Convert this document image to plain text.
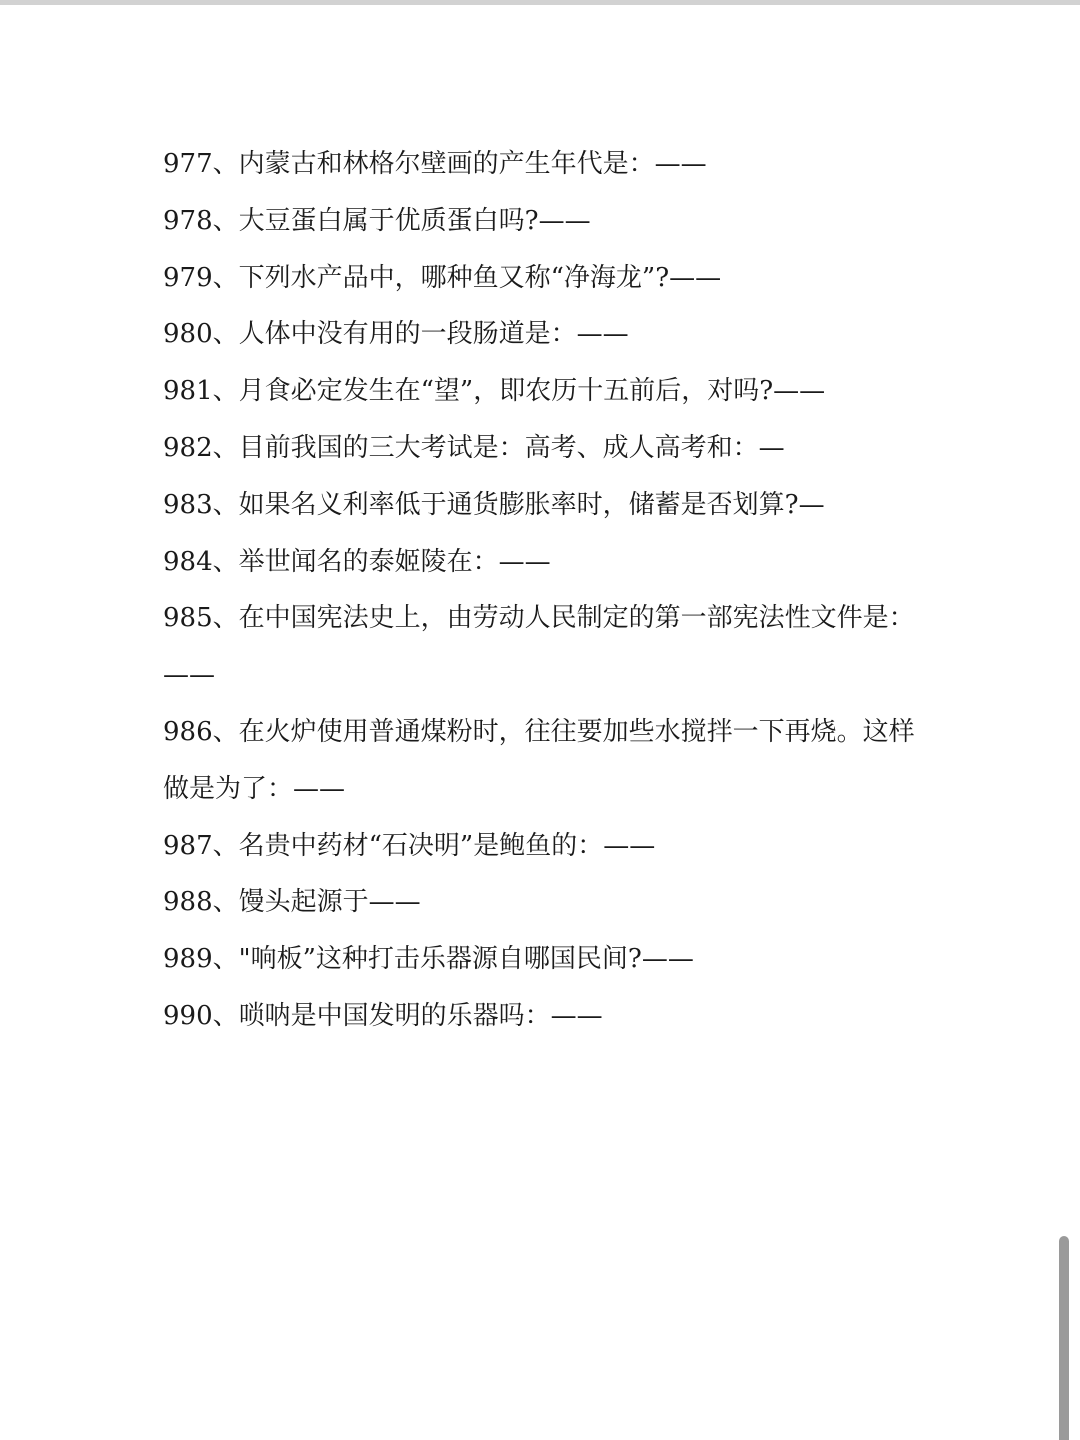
977、内蒙古和林格尔壁画的产生年代是：——

978、大豆蛋白属于优质蛋白吗?——

979、下列水产品中，哪种鱼又称“净海龙”?——

980、人体中没有用的一段肠道是：——

981、月食必定发生在“望”，即农历十五前后，对吗?——

982、目前我国的三大考试是：高考、成人高考和：—

983、如果名义利率低于通货膨胀率时，储蓄是否划算?—

984、举世闻名的泰姬陵在：——

985、在中国宪法史上，由劳动人民制定的第一部宪法性文件是：——

986、在火炉使用普通煤粉时，往往要加些水搅拌一下再烧。这样做是为了：——

987、名贵中药材“石决明”是鲍鱼的：——

988、馒头起源于——

989、"响板”这种打击乐器源自哪国民间?——

990、唢呐是中国发明的乐器吗：——
